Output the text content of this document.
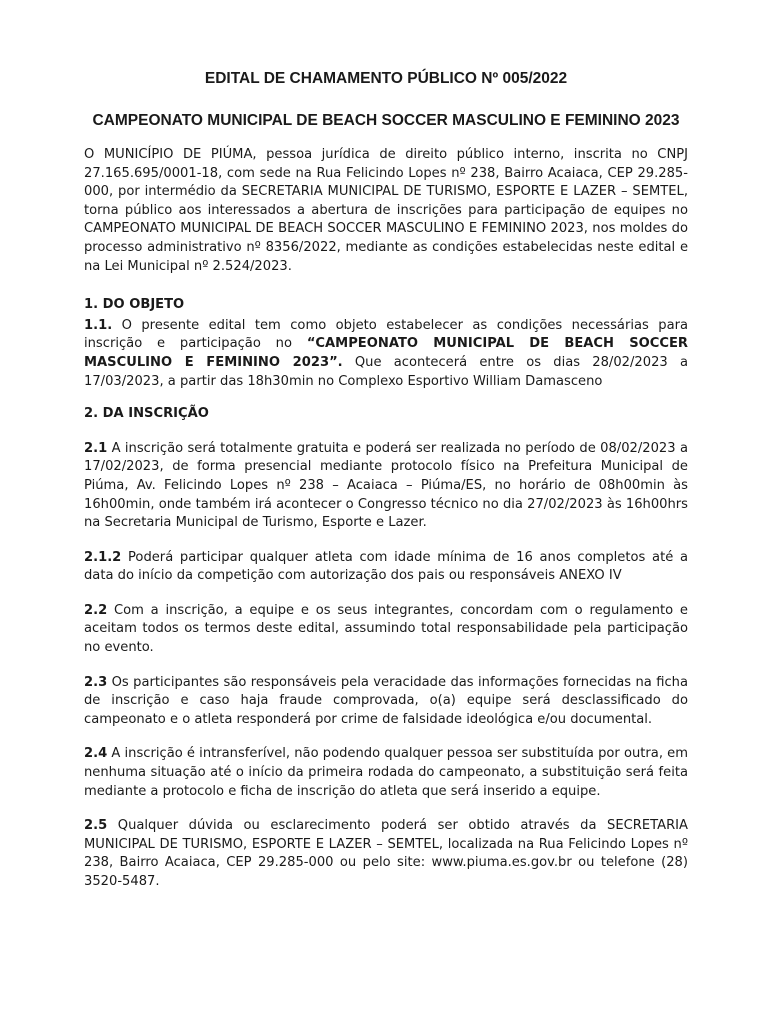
EDITAL DE CHAMAMENTO PÚBLICO Nº 005/2022
CAMPEONATO MUNICIPAL DE BEACH SOCCER MASCULINO E FEMININO 2023

O MUNICÍPIO DE PIÚMA, pessoa jurídica de direito público interno, inscrita no CNPJ 27.165.695/0001-18, com sede na Rua Felicindo Lopes nº 238, Bairro Acaiaca, CEP 29.285-000, por intermédio da SECRETARIA MUNICIPAL DE TURISMO, ESPORTE E LAZER – SEMTEL, torna público aos interessados a abertura de inscrições para participação de equipes no CAMPEONATO MUNICIPAL DE BEACH SOCCER MASCULINO E FEMININO 2023, nos moldes do processo administrativo nº 8356/2022, mediante as condições estabelecidas neste edital e na Lei Municipal nº 2.524/2023.

1. DO OBJETO

1.1. O presente edital tem como objeto estabelecer as condições necessárias para inscrição e participação no “CAMPEONATO MUNICIPAL DE BEACH SOCCER MASCULINO E FEMININO 2023”. Que acontecerá entre os dias 28/02/2023 a 17/03/2023, a partir das 18h30min no Complexo Esportivo William Damasceno

2. DA INSCRIÇÃO

2.1 A inscrição será totalmente gratuita e poderá ser realizada no período de 08/02/2023 a 17/02/2023, de forma presencial mediante protocolo físico na Prefeitura Municipal de Piúma, Av. Felicindo Lopes nº 238 – Acaiaca – Piúma/ES, no horário de 08h00min às 16h00min, onde também irá acontecer o Congresso técnico no dia 27/02/2023 às 16h00hrs na Secretaria Municipal de Turismo, Esporte e Lazer.

2.1.2 Poderá participar qualquer atleta com idade mínima de 16 anos completos até a data do início da competição com autorização dos pais ou responsáveis ANEXO IV

2.2 Com a inscrição, a equipe e os seus integrantes, concordam com o regulamento e aceitam todos os termos deste edital, assumindo total responsabilidade pela participação no evento.

2.3 Os participantes são responsáveis pela veracidade das informações fornecidas na ficha de inscrição e caso haja fraude comprovada, o(a) equipe será desclassificado do campeonato e o atleta responderá por crime de falsidade ideológica e/ou documental.

2.4 A inscrição é intransferível, não podendo qualquer pessoa ser substituída por outra, em nenhuma situação até o início da primeira rodada do campeonato, a substituição será feita mediante a protocolo e ficha de inscrição do atleta que será inserido a equipe.

2.5 Qualquer dúvida ou esclarecimento poderá ser obtido através da SECRETARIA MUNICIPAL DE TURISMO, ESPORTE E LAZER – SEMTEL, localizada na Rua Felicindo Lopes nº 238, Bairro Acaiaca, CEP 29.285-000 ou pelo site: www.piuma.es.gov.br ou telefone (28) 3520-5487.
